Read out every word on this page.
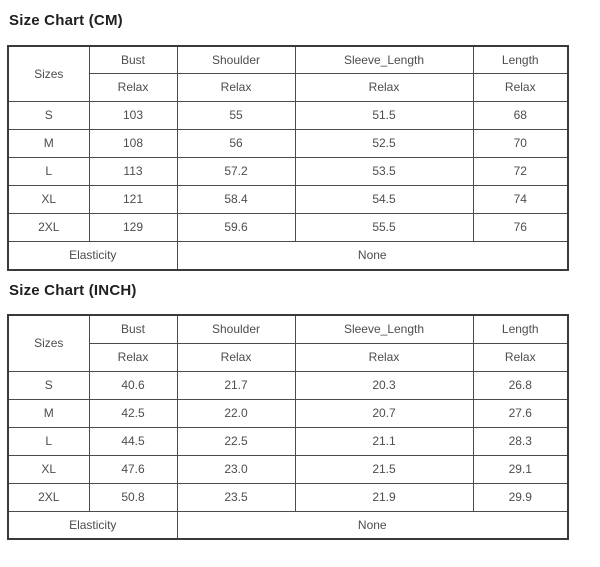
Size Chart (CM)
Sizes	Bust	Shoulder	Sleeve_Length	Length
	Relax	Relax	Relax	Relax
S	103	55	51.5	68
M	108	56	52.5	70
L	113	57.2	53.5	72
XL	121	58.4	54.5	74
2XL	129	59.6	55.5	76
Elasticity		None		
Size Chart (INCH)
Sizes	Bust	Shoulder	Sleeve_Length	Length
	Relax	Relax	Relax	Relax
S	40.6	21.7	20.3	26.8
M	42.5	22.0	20.7	27.6
L	44.5	22.5	21.1	28.3
XL	47.6	23.0	21.5	29.1
2XL	50.8	23.5	21.9	29.9
Elasticity		None		
